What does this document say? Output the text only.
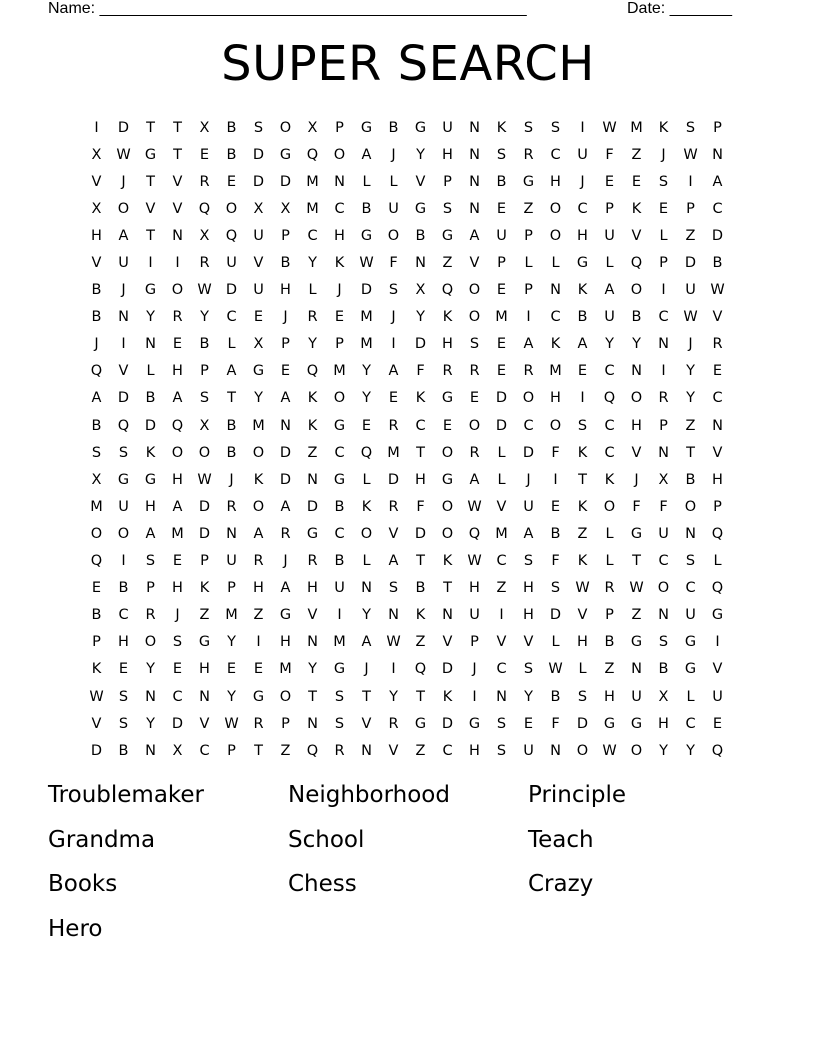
Name: ________________________________________________	Date: _______
SUPER SEARCH
I	D	T	T	X	B	S	O	X	P	G	B	G	U	N	K	S	S	I	W M	K	S	P
X	W G	T	E	B	D	G	Q	O	A	J	Y	H	N	S	R	C	U	F	Z	J	W N
V	J	T	V	R	E	D	D	M	N	L	L	V	P	N	B	G	H	J	E	E	S	I	A
X	O	V	V	Q	O	X	X	M	C	B	U	G	S	N	E	Z	O	C	P	K	E	P	C
H	A	T	N	X	Q	U	P	C	H	G	O	B	G	A	U	P	O	H	U	V	L	Z	D
V	U	I	I	R	U	V	B	Y	K	W	F	N	Z	V	P	L	L	G	L	Q	P	D	B
B	J	G	O W D	U	H	L	J	D	S	X	Q	O	E	P	N	K	A	O	I	U	W
B	N	Y	R	Y	C	E	J	R	E	M	J	Y	K	O	M	I	C	B	U	B	C	W	V
J	I	N	E	B	L	X	P	Y	P	M	I	D	H	S	E	A	K	A	Y	Y	N	J	R
Q	V	L	H	P	A	G	E	Q	M	Y	A	F	R	R	E	R	M	E	C	N	I	Y	E
A	D	B	A	S	T	Y	A	K	O	Y	E	K	G	E	D	O	H	I	Q	O	R	Y	C
B	Q	D	Q	X	B	M	N	K	G	E	R	C	E	O	D	C	O	S	C	H	P	Z	N
S	S	K	O	O	B	O	D	Z	C	Q	M	T	O	R	L	D	F	K	C	V	N	T	V
X	G	G	H W	J	K	D	N	G	L	D	H	G	A	L	J	I	T	K	J	X	B	H
M	U	H	A	D	R	O	A	D	B	K	R	F	O W	V	U	E	K	O	F	F	O	P
O	O	A	M	D	N	A	R	G	C	O	V	D	O	Q	M	A	B	Z	L	G	U	N	Q
Q	I	S	E	P	U	R	J	R	B	L	A	T	K	W	C	S	F	K	L	T	C	S	L
E	B	P	H	K	P	H	A	H	U	N	S	B	T	H	Z	H	S	W	R	W O	C	Q
B	C	R	J	Z	M	Z	G	V	I	Y	N	K	N	U	I	H	D	V	P	Z	N	U	G
P	H	O	S	G	Y	I	H	N	M	A	W	Z	V	P	V	V	L	H	B	G	S	G	I
K	E	Y	E	H	E	E	M	Y	G	J	I	Q	D	J	C	S	W	L	Z	N	B	G	V
W	S	N	C	N	Y	G	O	T	S	T	Y	T	K	I	N	Y	B	S	H	U	X	L	U
V	S	Y	D	V	W	R	P	N	S	V	R	G	D	G	S	E	F	D	G	G	H	C	E
D	B	N	X	C	P	T	Z	Q	R	N	V	Z	C	H	S	U	N	O W O	Y	Y	Q
Troublemaker	Neighborhood	Principle
Grandma	School	Teach
Books	Chess	Crazy
Hero
